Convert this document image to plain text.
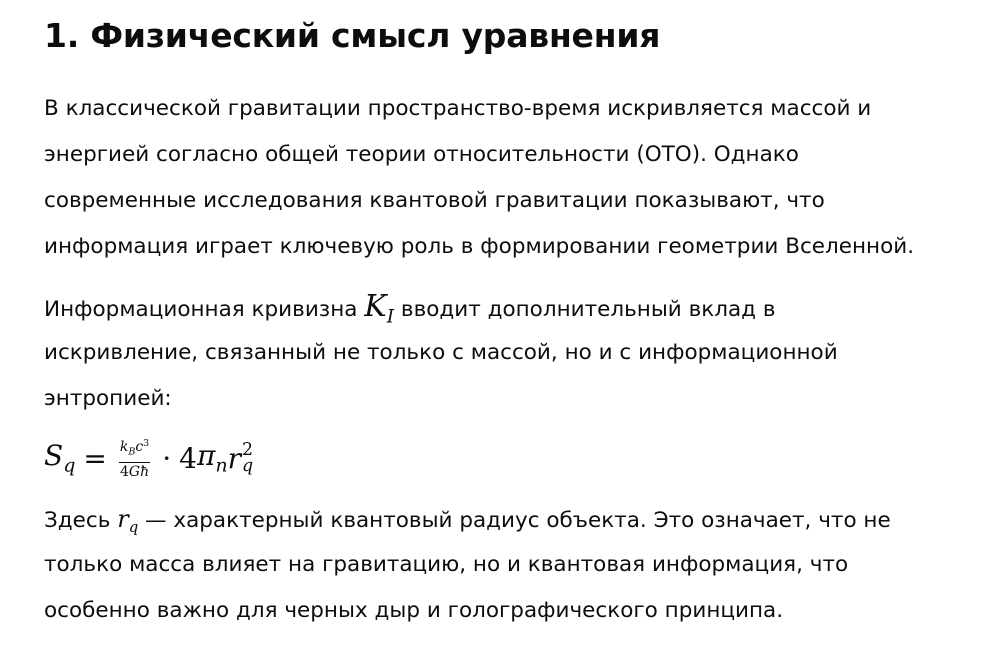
1. Физический смысл уравнения
В классической гравитации пространство-время искривляется массой и
энергией согласно общей теории относительности (ОТО). Однако
современные исследования квантовой гравитации показывают, что
информация играет ключевую роль в формировании геометрии Вселенной.
Информационная кривизна $K_I$ вводит дополнительный вклад в
искривление, связанный не только с массой, но и с информационной
энтропией:
$S_q = \frac{k_Bc^3}{4Għ} \cdot 4$ $\pi_n$ r 2
q
Здесь $r_q$ — характерный квантовый радиус объекта. Это означает, что не
только масса влияет на гравитацию, но и квантовая информация, что
особенно важно для черных дыр и голографического принципа.
